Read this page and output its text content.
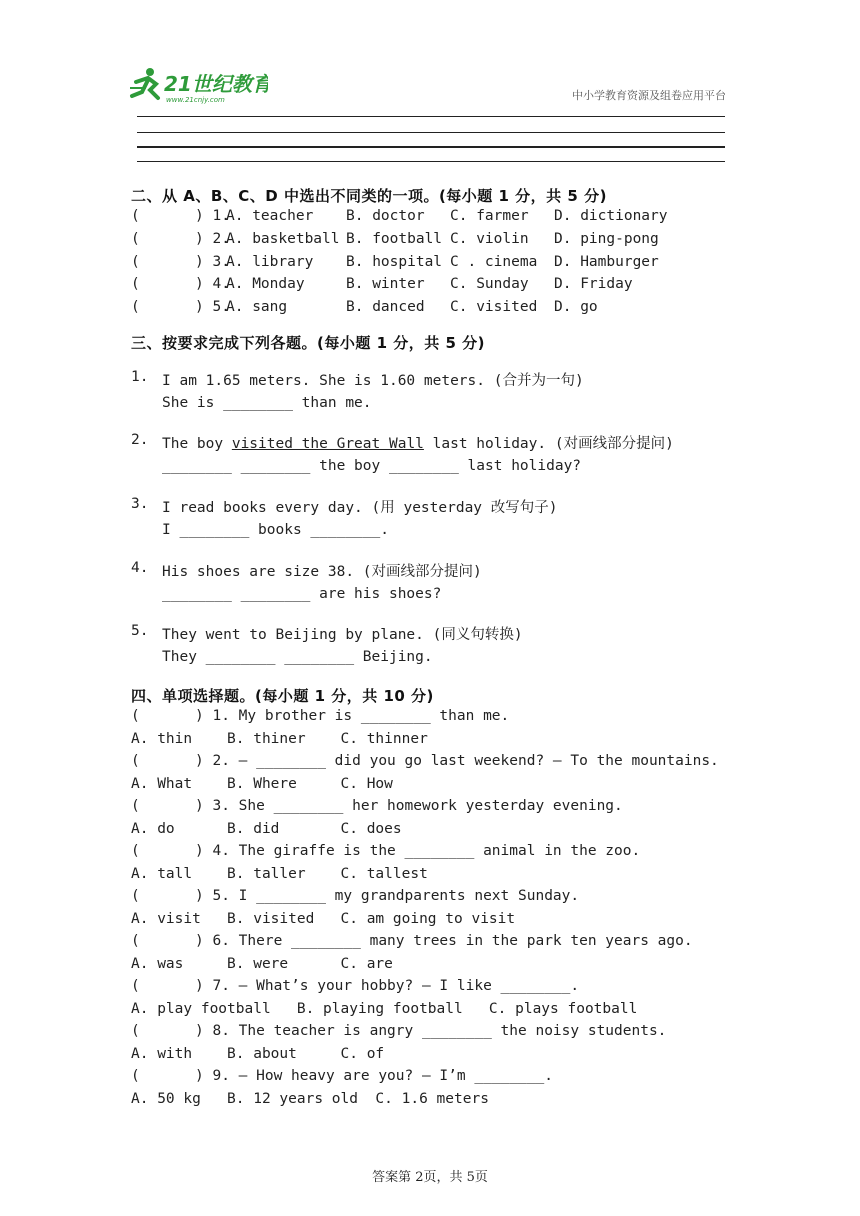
21世纪教育
www.21cnjy.com	中小学教育资源及组卷应用平台
二、从 A、B、C、D 中选出不同类的一项。(每小题 1 分，共 5 分)
(	) 1.
A. teacher B. doctor C. farmer D. dictionary
(	) 2.
A. basketball B. football C. violin D. ping-pong
(	) 3.
A. library B. hospital C . cinema D. Hamburger
(	) 4.
A. Monday	B. winter C. Sunday D. Friday
(	) 5.
A. sang	B. danced C. visited D. go
三、按要求完成下列各题。(每小题 1 分，共 5 分)
1. I am 1.65 meters. She is 1.60 meters. (合并为一句)
She is ________ than me.
2. The boy visited the Great Wall last holiday. (对画线部分提问)
________ ________ the boy ________ last holiday?
3. I read books every day. (用 yesterday 改写句子)
I ________ books ________.
4. His shoes are size 38. (对画线部分提问)
________ ________ are his shoes?
5. They went to Beijing by plane. (同义句转换)
They ________ ________ Beijing.
四、单项选择题。(每小题 1 分，共 10 分)
(	) 1. My brother is ________ than me.
A. thin    B. thiner    C. thinner
(	) 2. — ________ did you go last weekend? — To the mountains.
A. What    B. Where     C. How
(	) 3. She ________ her homework yesterday evening.
A. do      B. did       C. does
(	) 4. The giraffe is the ________ animal in the zoo.
A. tall    B. taller    C. tallest
(	) 5. I ________ my grandparents next Sunday.
A. visit   B. visited   C. am going to visit
(	) 6. There ________ many trees in the park ten years ago.
A. was     B. were      C. are
(	) 7. — What’s your hobby? — I like ________.
A. play football   B. playing football   C. plays football
(	) 8. The teacher is angry ________ the noisy students.
A. with    B. about     C. of
(	) 9. — How heavy are you? — I’m ________.
A. 50 kg   B. 12 years old  C. 1.6 meters
答案第 2页，共 5页
